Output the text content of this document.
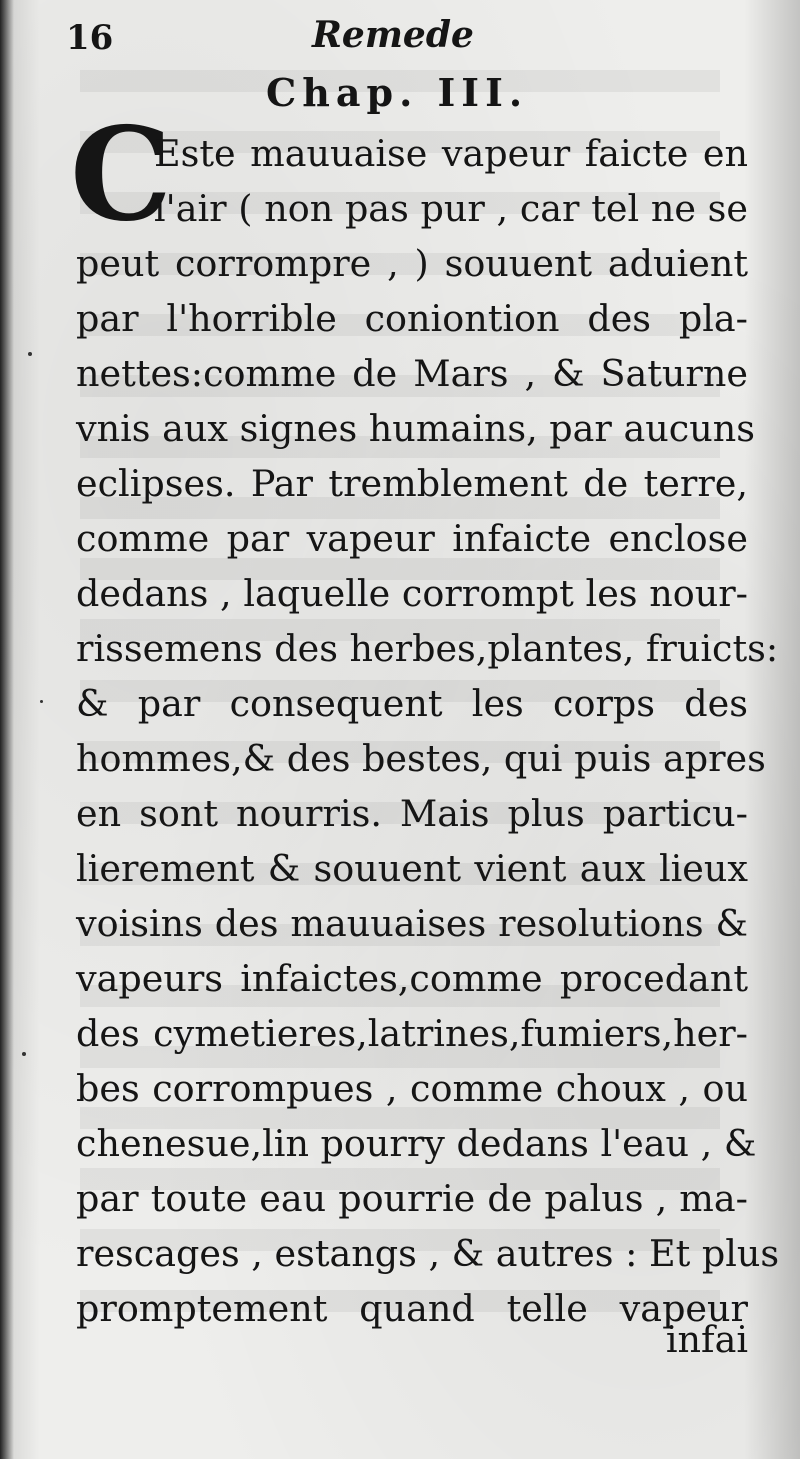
16	Remede
Chap. III.
C
Este mauuaise vapeur faicte en
l'air ( non pas pur , car tel ne se
peut corrompre , ) souuent aduient
par l'horrible coniontion des pla-
nettes:comme de Mars , & Saturne
vnis aux signes humains, par aucuns
eclipses. Par tremblement de terre,
comme par vapeur infaicte enclose
dedans , laquelle corrompt les nour-
rissemens des herbes,plantes, fruicts:
& par consequent les corps des
hommes,& des bestes, qui puis apres
en sont nourris. Mais plus particu-
lierement & souuent vient aux lieux
voisins des mauuaises resolutions &
vapeurs infaictes,comme procedant
des cymetieres,latrines,fumiers,her-
bes corrompues , comme choux , ou
chenesue,lin pourry dedans l'eau , &
par toute eau pourrie de palus , ma-
rescages , estangs , & autres : Et plus
promptement quand telle vapeur
infai
